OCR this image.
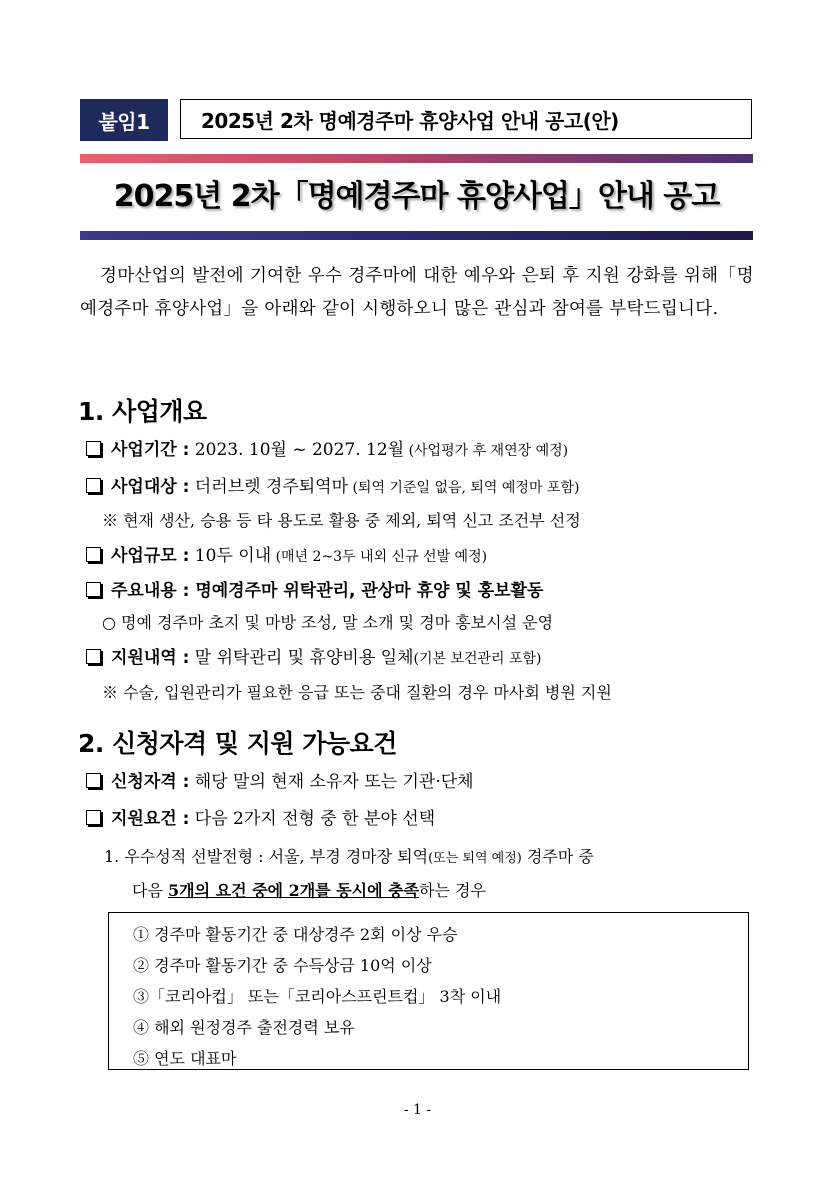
붙임1	2025년 2차 명예경주마 휴양사업 안내 공고(안)
2025년 2차「명예경주마 휴양사업」안내 공고

경마산업의 발전에 기여한 우수 경주마에 대한 예우와 은퇴 후 지원 강화를 위해「명예경주마 휴양사업」을 아래와 같이 시행하오니 많은 관심과 참여를 부탁드립니다.

1. 사업개요
사업기간 : 2023. 10월 ~ 2027. 12월 (사업평가 후 재연장 예정)
사업대상 : 더러브렛 경주퇴역마 (퇴역 기준일 없음, 퇴역 예정마 포함)
※ 현재 생산, 승용 등 타 용도로 활용 중 제외, 퇴역 신고 조건부 선정
사업규모 : 10두 이내 (매년 2~3두 내외 신규 선발 예정)
주요내용 : 명예경주마 위탁관리, 관상마 휴양 및 홍보활동
○ 명예 경주마 초지 및 마방 조성, 말 소개 및 경마 홍보시설 운영
지원내역 : 말 위탁관리 및 휴양비용 일체(기본 보건관리 포함)
※ 수술, 입원관리가 필요한 응급 또는 중대 질환의 경우 마사회 병원 지원
2. 신청자격 및 지원 가능요건
신청자격 : 해당 말의 현재 소유자 또는 기관·단체
지원요건 : 다음 2가지 전형 중 한 분야 선택
1. 우수성적 선발전형 : 서울, 부경 경마장 퇴역(또는 퇴역 예정) 경주마 중
다음 5개의 요건 중에 2개를 동시에 충족하는 경우
① 경주마 활동기간 중 대상경주 2회 이상 우승
② 경주마 활동기간 중 수득상금 10억 이상
③「코리아컵」 또는「코리아스프린트컵」 3착 이내
④ 해외 원정경주 출전경력 보유
⑤ 연도 대표마
- 1 -
